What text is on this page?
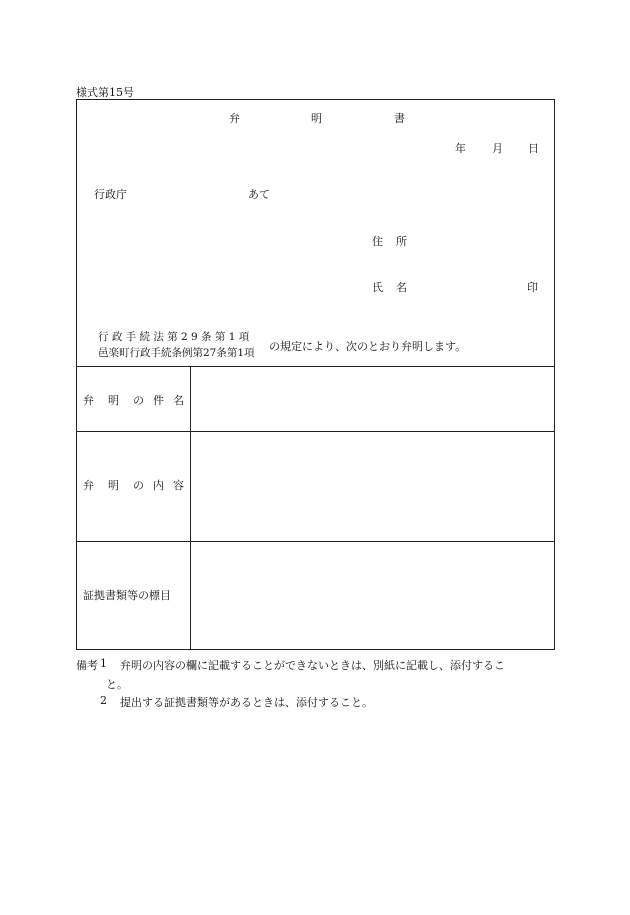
様式第15号
弁	明	書
年 月 日
行政庁	あて
住 所
氏 名	印
行 政 手 続 法 第 2 9 条 第 1 項
邑楽町行政手続条例第27条第1項 の規定により、次のとおり弁明します。
弁 明 の 件 名
弁 明 の 内 容
証拠書類等の標目
備考 1 弁明の内容の欄に記載することができないときは、別紙に記載し、添付するこ
と。
2 提出する証拠書類等があるときは、添付すること。
